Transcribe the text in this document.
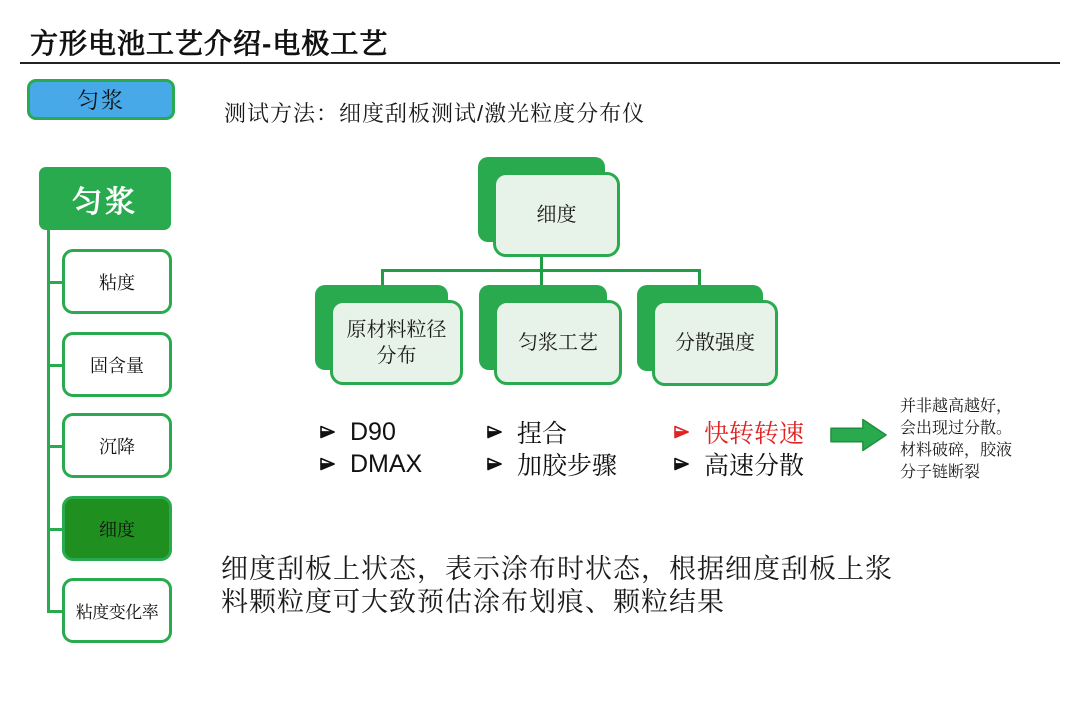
方形电池工艺介绍-电极工艺
匀浆
测试方法：细度刮板测试/激光粒度分布仪
匀浆
粘度
固含量
沉降
细度
粘度变化率
细度
原材料粒径分布
匀浆工艺	分散强度
D90
DMAX
捏合
加胶步骤
快转转速
高速分散
并非越高越好，
会出现过分散。
材料破碎，胶液
分子链断裂
细度刮板上状态，表示涂布时状态，根据细度刮板上浆
料颗粒度可大致预估涂布划痕、颗粒结果
